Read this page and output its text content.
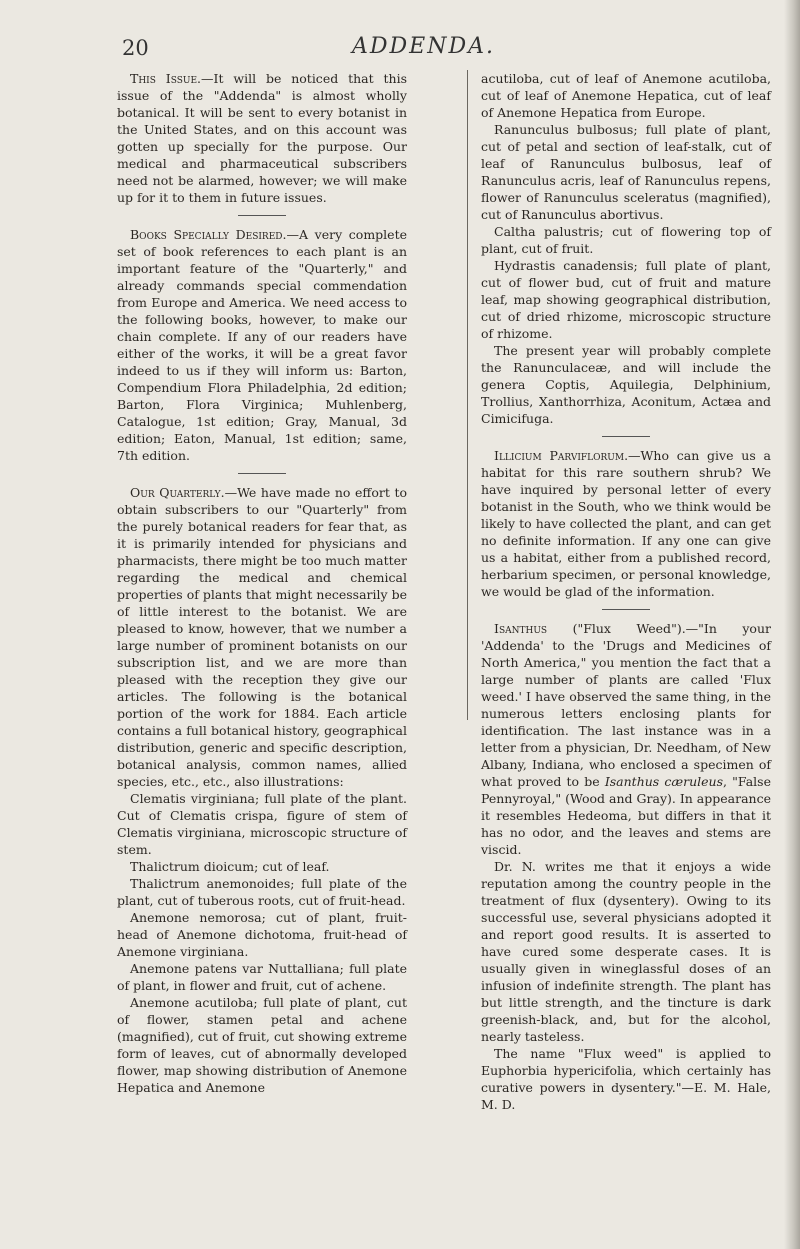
20	ADDENDA.

This Issue.—It will be noticed that this issue of the "Addenda" is almost wholly botanical. It will be sent to every botanist in the United States, and on this account was gotten up specially for the purpose. Our medical and pharmaceutical subscribers need not be alarmed, however; we will make up for it to them in future issues.

Books Specially Desired.—A very complete set of book references to each plant is an important feature of the "Quarterly," and already commands special commendation from Europe and America. We need access to the following books, however, to make our chain complete. If any of our readers have either of the works, it will be a great favor indeed to us if they will inform us: Barton, Compendium Flora Philadelphia, 2d edition; Barton, Flora Virginica; Muhlenberg, Catalogue, 1st edition; Gray, Manual, 3d edition; Eaton, Manual, 1st edition; same, 7th edition.

Our Quarterly.—We have made no effort to obtain subscribers to our "Quarterly" from the purely botanical readers for fear that, as it is primarily intended for physicians and pharmacists, there might be too much matter regarding the medical and chemical properties of plants that might necessarily be of little interest to the botanist. We are pleased to know, however, that we number a large number of prominent botanists on our subscription list, and we are more than pleased with the reception they give our articles. The following is the botanical portion of the work for 1884. Each article contains a full botanical history, geographical distribution, generic and specific description, botanical analysis, common names, allied species, etc., etc., also illustrations:

Clematis virginiana; full plate of the plant. Cut of Clematis crispa, figure of stem of Clematis virginiana, microscopic structure of stem.

Thalictrum dioicum; cut of leaf.

Thalictrum anemonoides; full plate of the plant, cut of tuberous roots, cut of fruit-head.

Anemone nemorosa; cut of plant, fruit-head of Anemone dichotoma, fruit-head of Anemone virginiana.

Anemone patens var Nuttalliana; full plate of plant, in flower and fruit, cut of achene.

Anemone acutiloba; full plate of plant, cut of flower, stamen petal and achene (magnified), cut of fruit, cut showing extreme form of leaves, cut of abnormally developed flower, map showing distribution of Anemone Hepatica and Anemone

acutiloba, cut of leaf of Anemone acutiloba, cut of leaf of Anemone Hepatica, cut of leaf of Anemone Hepatica from Europe.

Ranunculus bulbosus; full plate of plant, cut of petal and section of leaf-stalk, cut of leaf of Ranunculus bulbosus, leaf of Ranunculus acris, leaf of Ranunculus repens, flower of Ranunculus sceleratus (magnified), cut of Ranunculus abortivus.

Caltha palustris; cut of flowering top of plant, cut of fruit.

Hydrastis canadensis; full plate of plant, cut of flower bud, cut of fruit and mature leaf, map showing geographical distribution, cut of dried rhizome, microscopic structure of rhizome.

The present year will probably complete the Ranunculaceæ, and will include the genera Coptis, Aquilegia, Delphinium, Trollius, Xanthorrhiza, Aconitum, Actæa and Cimicifuga.

Illicium Parviflorum.—Who can give us a habitat for this rare southern shrub? We have inquired by personal letter of every botanist in the South, who we think would be likely to have collected the plant, and can get no definite information. If any one can give us a habitat, either from a published record, herbarium specimen, or personal knowledge, we would be glad of the information.

Isanthus ("Flux Weed").—"In your 'Addenda' to the 'Drugs and Medicines of North America," you mention the fact that a large number of plants are called 'Flux weed.' I have observed the same thing, in the numerous letters enclosing plants for identification. The last instance was in a letter from a physician, Dr. Needham, of New Albany, Indiana, who enclosed a specimen of what proved to be Isanthus cæruleus, "False Pennyroyal," (Wood and Gray). In appearance it resembles Hedeoma, but differs in that it has no odor, and the leaves and stems are viscid.

Dr. N. writes me that it enjoys a wide reputation among the country people in the treatment of flux (dysentery). Owing to its successful use, several physicians adopted it and report good results. It is asserted to have cured some desperate cases. It is usually given in wineglassful doses of an infusion of indefinite strength. The plant has but little strength, and the tincture is dark greenish-black, and, but for the alcohol, nearly tasteless.

The name "Flux weed" is applied to Euphorbia hypericifolia, which certainly has curative powers in dysentery."—E. M. Hale, M. D.
